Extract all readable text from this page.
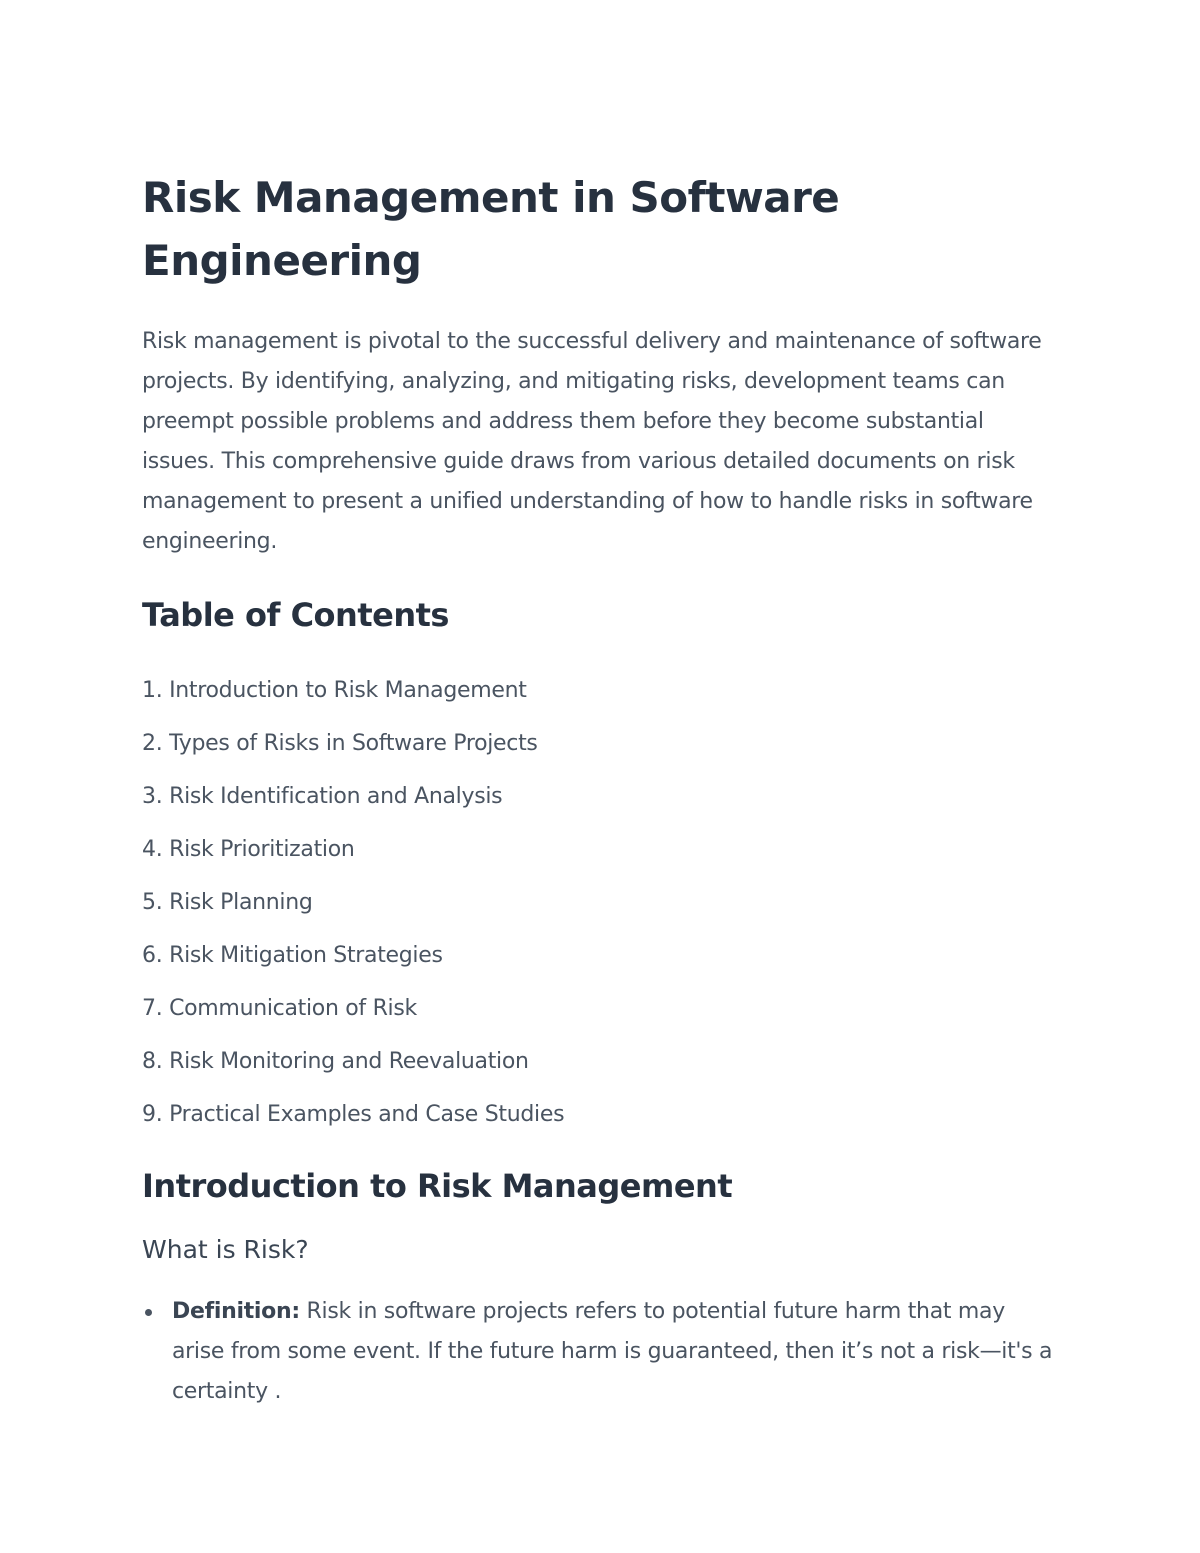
Risk Management in Software Engineering

Risk management is pivotal to the successful delivery and maintenance of software projects. By identifying, analyzing, and mitigating risks, development teams can preempt possible problems and address them before they become substantial issues. This comprehensive guide draws from various detailed documents on risk management to present a unified understanding of how to handle risks in software engineering.

Table of Contents
1. Introduction to Risk Management
2. Types of Risks in Software Projects
3. Risk Identification and Analysis
4. Risk Prioritization
5. Risk Planning
6. Risk Mitigation Strategies
7. Communication of Risk
8. Risk Monitoring and Reevaluation
9. Practical Examples and Case Studies
Introduction to Risk Management
What is Risk?
Definition: Risk in software projects refers to potential future harm that may arise from some event. If the future harm is guaranteed, then it’s not a risk—it's a certainty .
